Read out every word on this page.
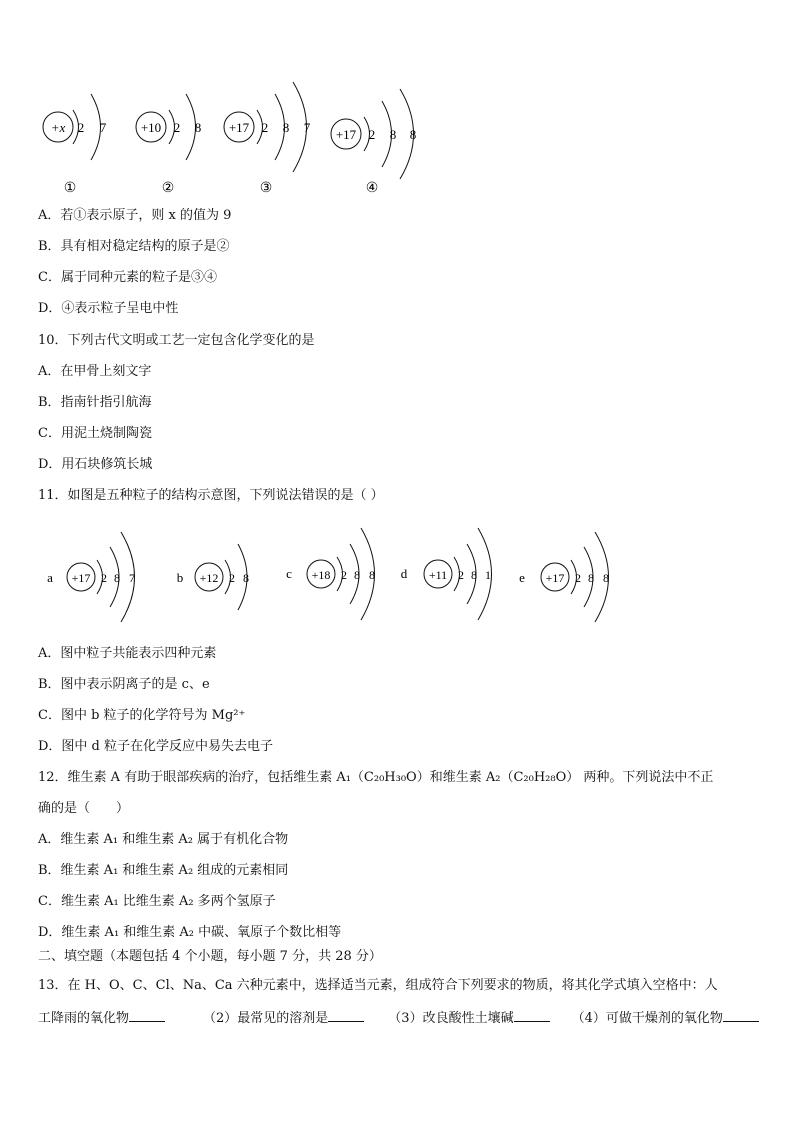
+x 2 7
①
+10 2 8
②
+17 2 8 7
③
+17 2 8 8
④
A．若①表示原子，则 x 的值为 9
B．具有相对稳定结构的原子是②
C．属于同种元素的粒子是③④
D．④表示粒子呈电中性
10．下列古代文明或工艺一定包含化学变化的是
A．在甲骨上刻文字
B．指南针指引航海
C．用泥土烧制陶瓷
D．用石块修筑长城
11．如图是五种粒子的结构示意图，下列说法错误的是（ ）
a +17 2 8 7	b +12 2 8	c +18 2 8 8 d +11 2 8 1 e +17 2 8 8
A．图中粒子共能表示四种元素
B．图中表示阴离子的是 c、e
C．图中 b 粒子的化学符号为 Mg²⁺
D．图中 d 粒子在化学反应中易失去电子
12．维生素 A 有助于眼部疾病的治疗，包括维生素 A₁（C₂₀H₃₀O）和维生素 A₂（C₂₀H₂₈O） 两种。下列说法中不正
确的是（　　）
A．维生素 A₁ 和维生素 A₂ 属于有机化合物
B．维生素 A₁ 和维生素 A₂ 组成的元素相同
C．维生素 A₁ 比维生素 A₂ 多两个氢原子
D．维生素 A₁ 和维生素 A₂ 中碳、氧原子个数比相等
二、填空题（本题包括 4 个小题，每小题 7 分，共 28 分）
13．在 H、O、C、Cl、Na、Ca 六种元素中，选择适当元素，组成符合下列要求的物质，将其化学式填入空格中：人
工降雨的氧化物	（2）最常见的溶剂是	（3）改良酸性土壤碱	（4）可做干燥剂的氧化物
